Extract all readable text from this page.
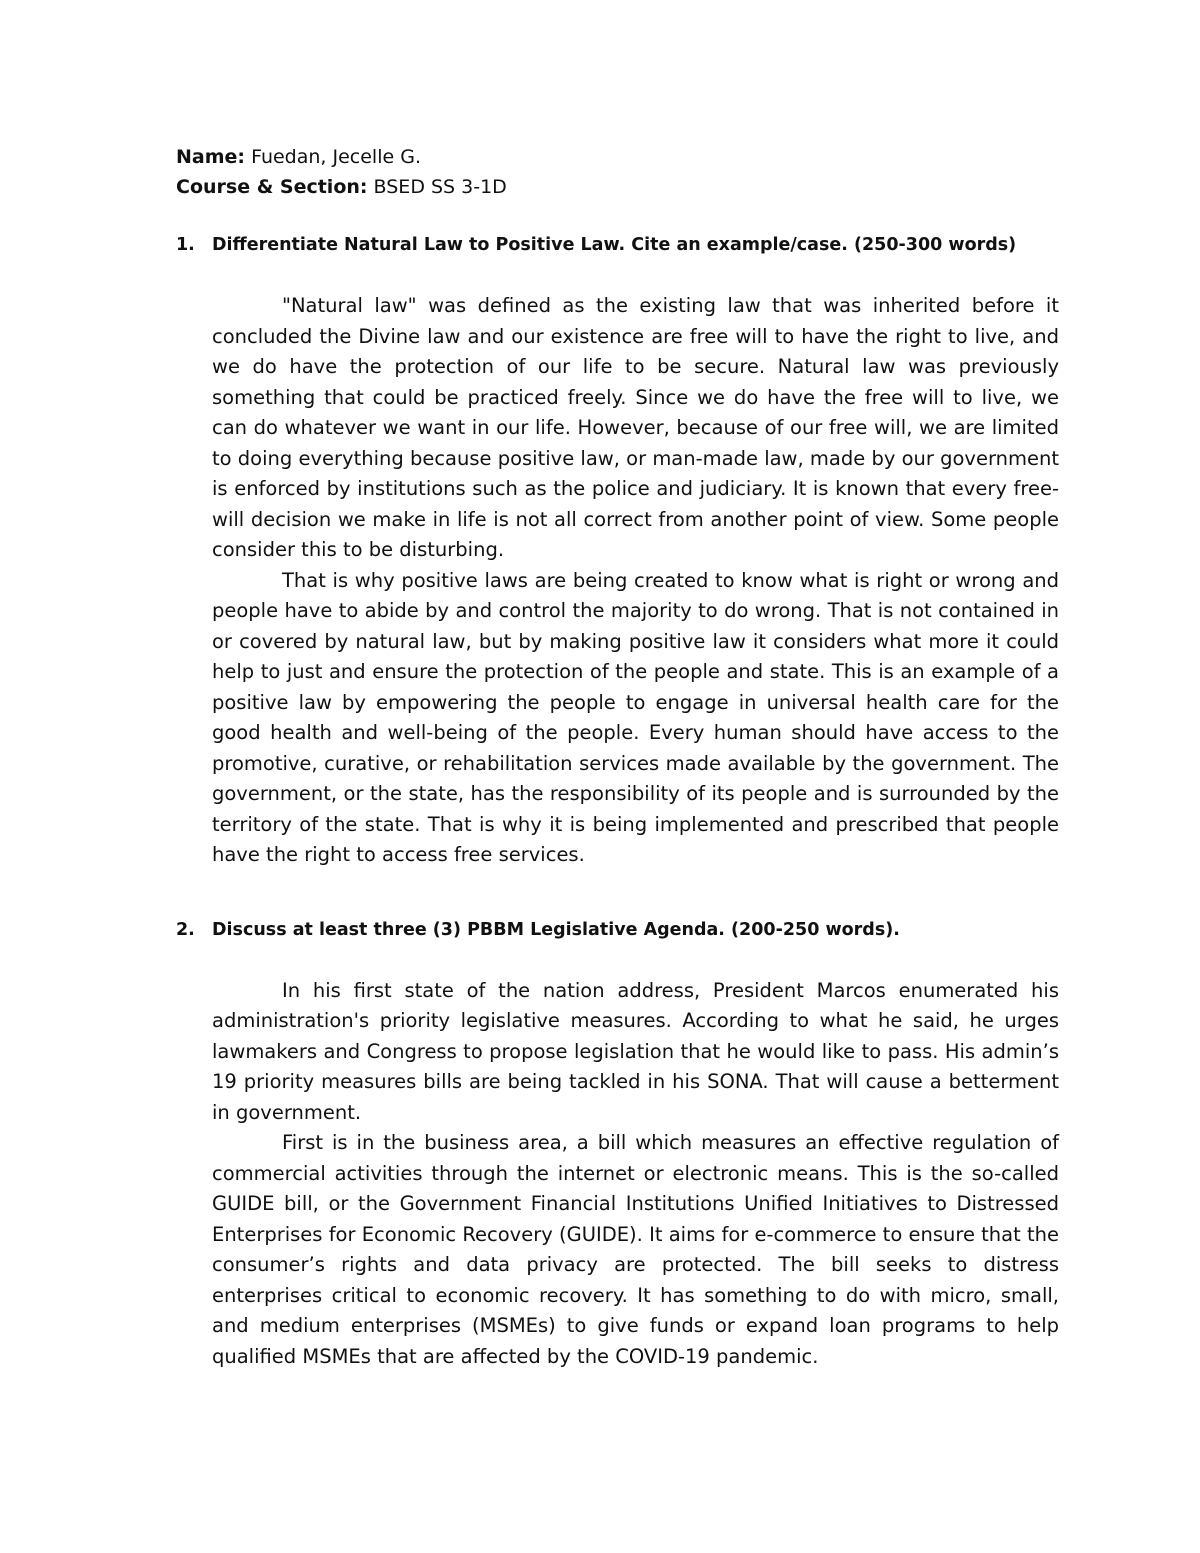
Name: Fuedan, Jecelle G.
Course & Section: BSED SS 3-1D
1. Differentiate Natural Law to Positive Law. Cite an example/case. (250-300 words)

"Natural law" was defined as the existing law that was inherited before it concluded the Divine law and our existence are free will to have the right to live, and we do have the protection of our life to be secure. Natural law was previously something that could be practiced freely. Since we do have the free will to live, we can do whatever we want in our life. However, because of our free will, we are limited to doing everything because positive law, or man-made law, made by our government is enforced by institutions such as the police and judiciary. It is known that every free-will decision we make in life is not all correct from another point of view. Some people consider this to be disturbing.

That is why positive laws are being created to know what is right or wrong and people have to abide by and control the majority to do wrong. That is not contained in or covered by natural law, but by making positive law it considers what more it could help to just and ensure the protection of the people and state. This is an example of a positive law by empowering the people to engage in universal health care for the good health and well-being of the people. Every human should have access to the promotive, curative, or rehabilitation services made available by the government. The government, or the state, has the responsibility of its people and is surrounded by the territory of the state. That is why it is being implemented and prescribed that people have the right to access free services.

2. Discuss at least three (3) PBBM Legislative Agenda. (200-250 words).

In his first state of the nation address, President Marcos enumerated his administration's priority legislative measures. According to what he said, he urges lawmakers and Congress to propose legislation that he would like to pass. His admin’s 19 priority measures bills are being tackled in his SONA. That will cause a betterment in government.

First is in the business area, a bill which measures an effective regulation of commercial activities through the internet or electronic means. This is the so-called GUIDE bill, or the Government Financial Institutions Unified Initiatives to Distressed Enterprises for Economic Recovery (GUIDE). It aims for e-commerce to ensure that the consumer’s rights and data privacy are protected. The bill seeks to distress enterprises critical to economic recovery. It has something to do with micro, small, and medium enterprises (MSMEs) to give funds or expand loan programs to help qualified MSMEs that are affected by the COVID-19 pandemic.
